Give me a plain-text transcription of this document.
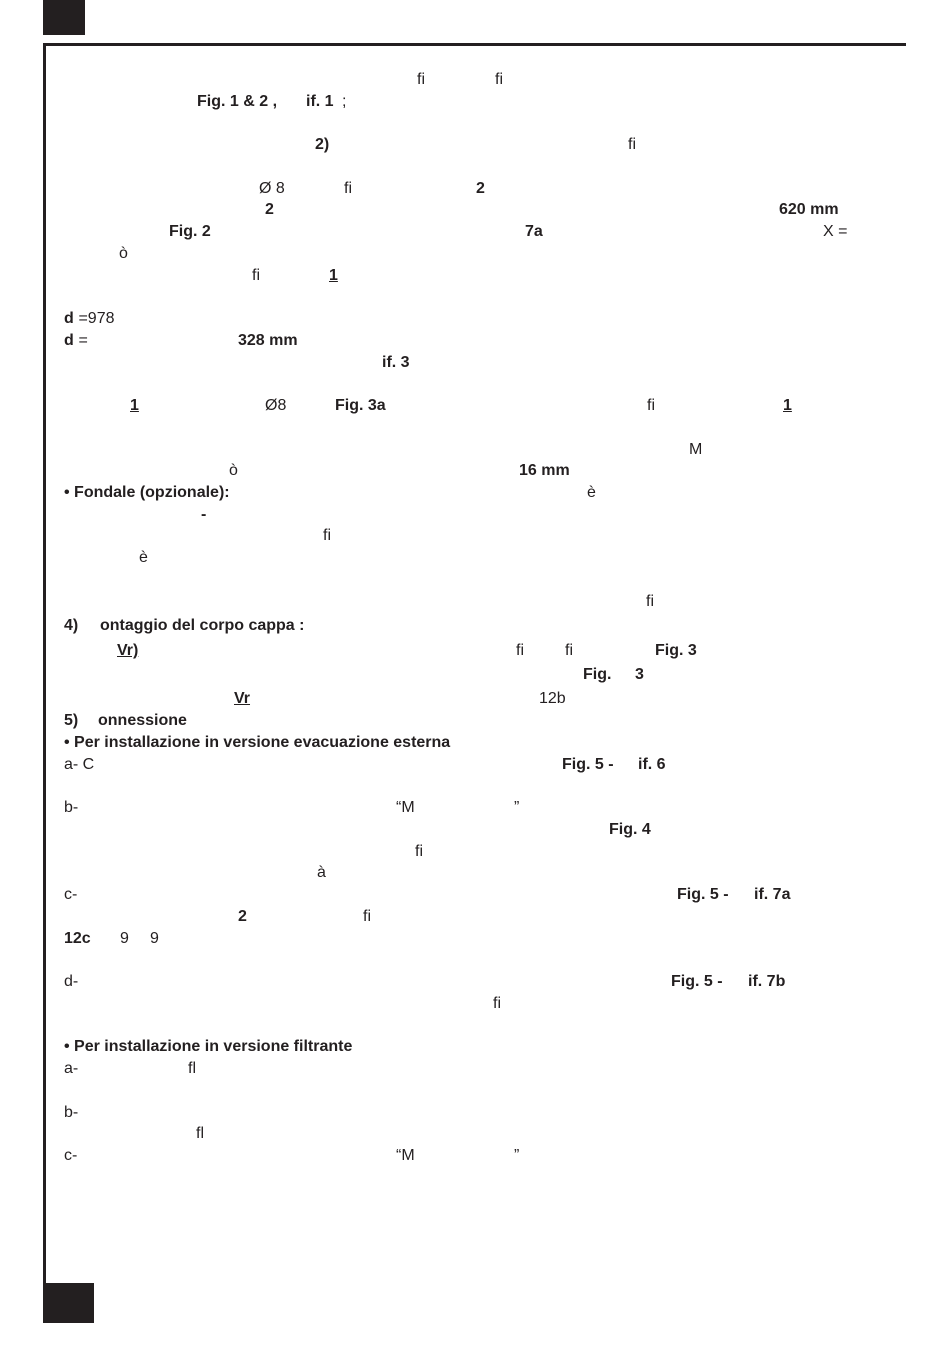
fi	fi
Fig. 1 & 2 , if. 1 ;
2)	fi
Ø 8	fi	2
2	620 mm
Fig. 2	7a	X =
ò
fi	1
d =978
d =	328 mm
if. 3
1	Ø8	Fig. 3a	fi	1
M
ò	16 mm
• Fondale (opzionale):	è
-
fi
è
fi
4) ontaggio del corpo cappa :
Vr)	fi	fi	Fig. 3
Fig. 3
Vr	12b
5) onnessione
• Per installazione in versione evacuazione esterna
a- C	Fig. 5 - if. 6
b-	“M	”
Fig. 4
fi
à
c-	Fig. 5 - if. 7a
2	fi
12c 9 9
d-	Fig. 5 - if. 7b
fi
• Per installazione in versione filtrante
a-	fl
b-
fl
c-	“M	”
